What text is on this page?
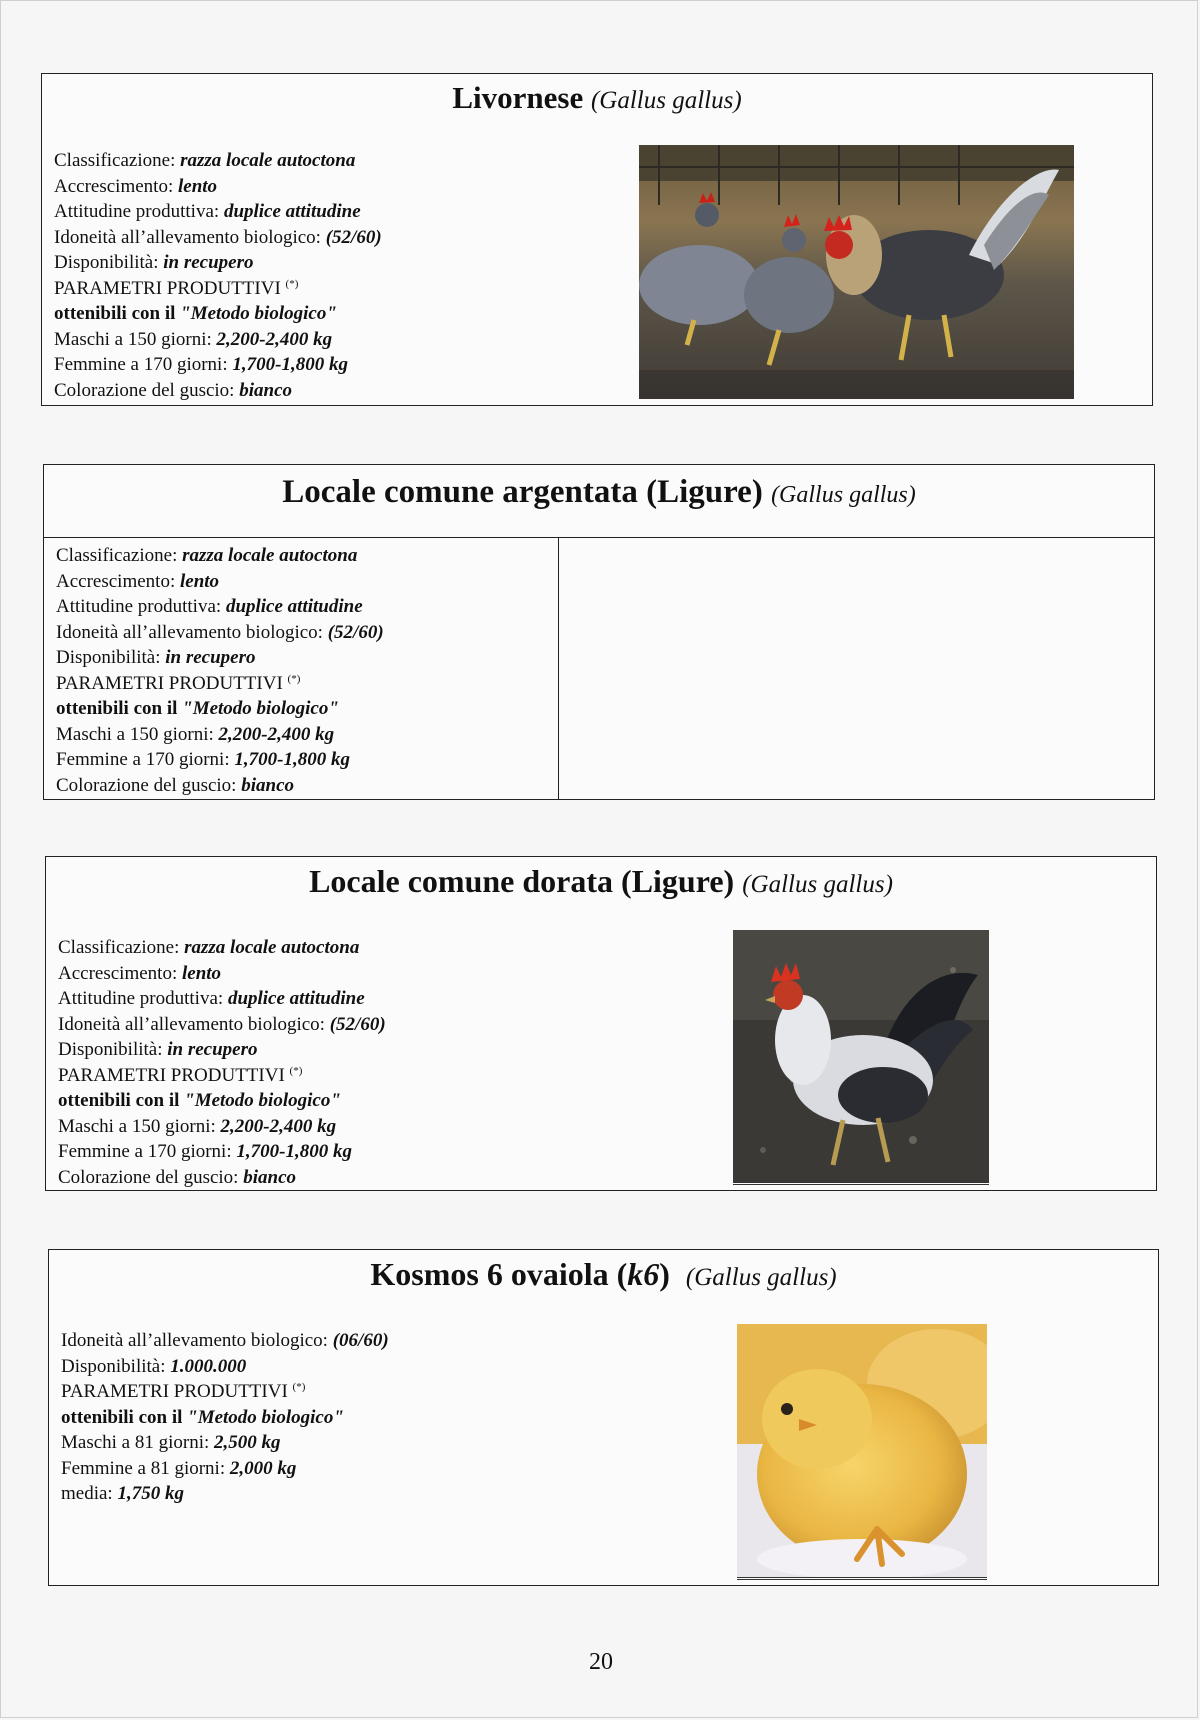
Livornese (Gallus gallus)
Classificazione: razza locale autoctona
Accrescimento: lento
Attitudine produttiva: duplice attitudine
Idoneità all’allevamento biologico: (52/60)
Disponibilità: in recupero
PARAMETRI PRODUTTIVI (*)
ottenibili con il "Metodo biologico"
Maschi a 150 giorni: 2,200-2,400 kg
Femmine a 170 giorni: 1,700-1,800 kg
Colorazione del guscio: bianco
Locale comune argentata (Ligure) (Gallus gallus)
Classificazione: razza locale autoctona
Accrescimento: lento
Attitudine produttiva: duplice attitudine
Idoneità all’allevamento biologico: (52/60)
Disponibilità: in recupero
PARAMETRI PRODUTTIVI (*)
ottenibili con il "Metodo biologico"
Maschi a 150 giorni: 2,200-2,400 kg
Femmine a 170 giorni: 1,700-1,800 kg
Colorazione del guscio: bianco
Locale comune dorata (Ligure) (Gallus gallus)
Classificazione: razza locale autoctona
Accrescimento: lento
Attitudine produttiva: duplice attitudine
Idoneità all’allevamento biologico: (52/60)
Disponibilità: in recupero
PARAMETRI PRODUTTIVI (*)
ottenibili con il "Metodo biologico"
Maschi a 150 giorni: 2,200-2,400 kg
Femmine a 170 giorni: 1,700-1,800 kg
Colorazione del guscio: bianco
Kosmos 6 ovaiola (k6) (Gallus gallus)
Idoneità all’allevamento biologico: (06/60)
Disponibilità: 1.000.000
PARAMETRI PRODUTTIVI (*)
ottenibili con il "Metodo biologico"
Maschi a 81 giorni: 2,500 kg
Femmine a 81 giorni: 2,000 kg
media: 1,750 kg
20
